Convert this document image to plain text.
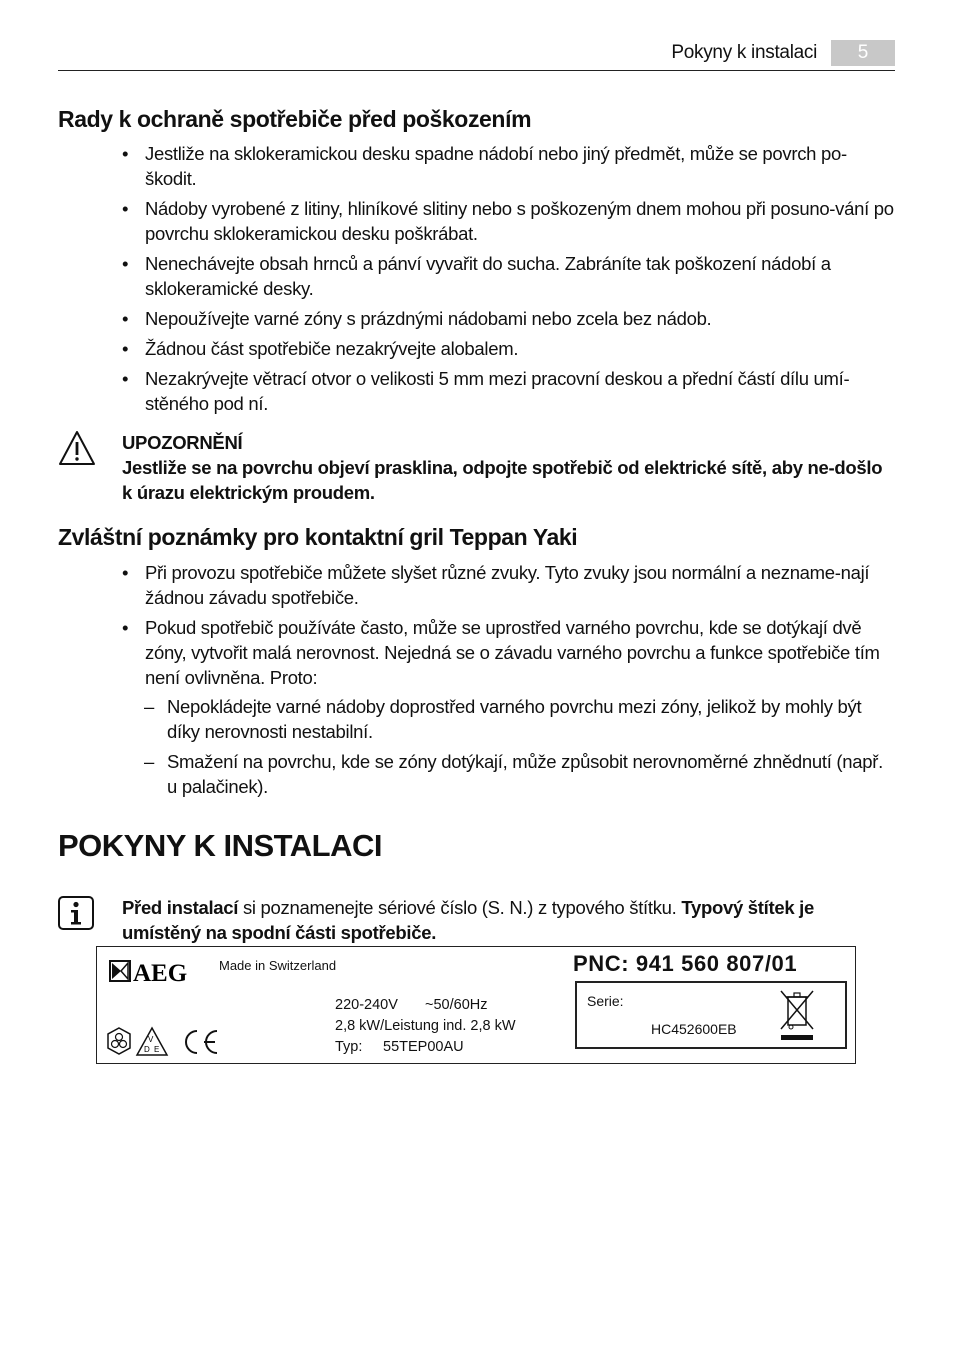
Pokyny k instalaci	5
Rady k ochraně spotřebiče před poškozením
• Jestliže na sklokeramickou desku spadne nádobí nebo jiný předmět, může se povrch po-škodit.
• Nádoby vyrobené z litiny, hliníkové slitiny nebo s poškozeným dnem mohou při posuno-vání po povrchu sklokeramickou desku poškrábat.
• Nenechávejte obsah hrnců a pánví vyvařit do sucha. Zabráníte tak poškození nádobí a sklokeramické desky.
• Nepoužívejte varné zóny s prázdnými nádobami nebo zcela bez nádob.
• Žádnou část spotřebiče nezakrývejte alobalem.
• Nezakrývejte větrací otvor o velikosti 5 mm mezi pracovní deskou a přední částí dílu umí-stěného pod ní.
UPOZORNĚNÍ
Jestliže se na povrchu objeví prasklina, odpojte spotřebič od elektrické sítě, aby ne-došlo k úrazu elektrickým proudem.
Zvláštní poznámky pro kontaktní gril Teppan Yaki
• Při provozu spotřebiče můžete slyšet různé zvuky. Tyto zvuky jsou normální a neznamе-nají žádnou závadu spotřebiče.
• Pokud spotřebič používáte často, může se uprostřed varného povrchu, kde se dotýkají dvě zóny, vytvořit malá nerovnost. Nejedná se o závadu varného povrchu a funkce spotřebiče tím není ovlivněna. Proto:
– Nepokládejte varné nádoby doprostřed varného povrchu mezi zóny, jelikož by mohly být díky nerovnosti nestabilní.
– Smažení na povrchu, kde se zóny dotýkají, může způsobit nerovnoměrné zhnědnutí (např. u palačinek).
POKYNY K INSTALACI
Před instalací si poznamenejte sériové číslo (S. N.) z typového štítku. Typový štítek je umístěný na spodní části spotřebiče.
AEG Made in Switzerland
220-240V ~50/60Hz
2,8 kW/Leistung ind. 2,8 kW
Typ: 55TEP00AU
PNC: 941 560 807/01
Serie:
HC452600EB
V
D E
